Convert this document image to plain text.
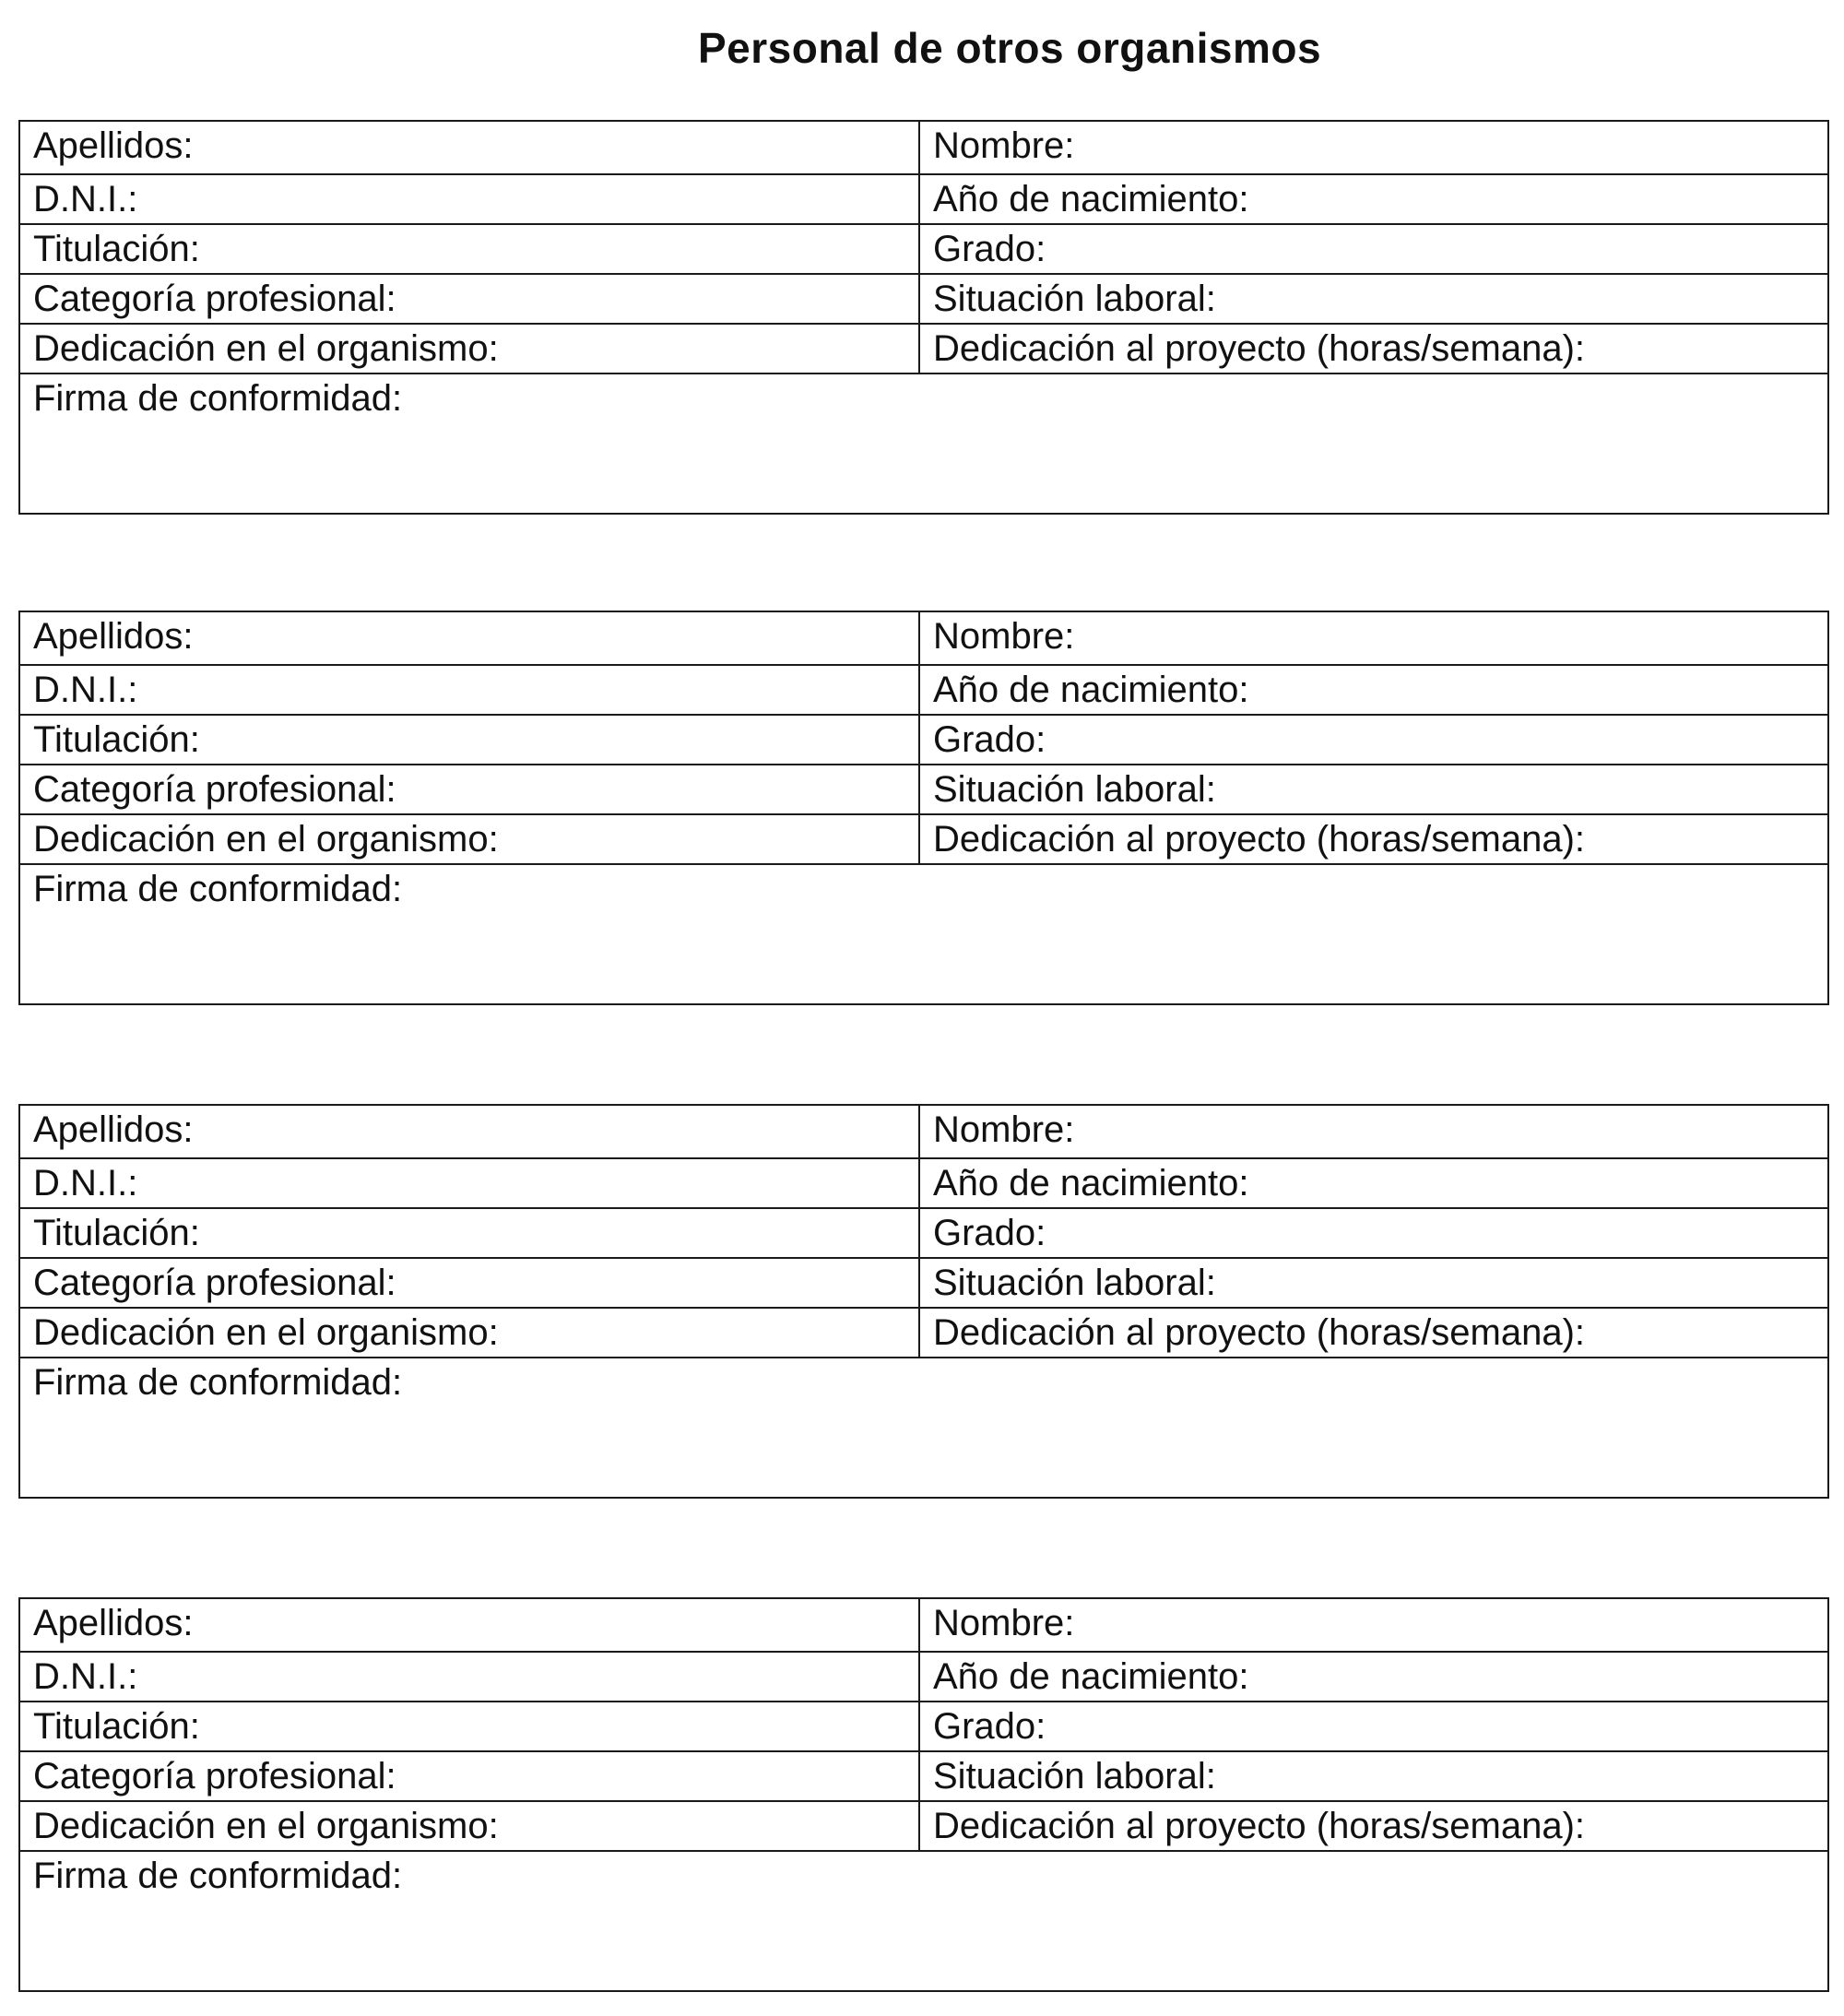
Personal de otros organismos
Apellidos:	Nombre:
D.N.I.:	Año de nacimiento:
Titulación:	Grado:
Categoría profesional:	Situación laboral:
Dedicación en el organismo:	Dedicación al proyecto (horas/semana):
Firma de conformidad:
Apellidos:	Nombre:
D.N.I.:	Año de nacimiento:
Titulación:	Grado:
Categoría profesional:	Situación laboral:
Dedicación en el organismo:	Dedicación al proyecto (horas/semana):
Firma de conformidad:
Apellidos:	Nombre:
D.N.I.:	Año de nacimiento:
Titulación:	Grado:
Categoría profesional:	Situación laboral:
Dedicación en el organismo:	Dedicación al proyecto (horas/semana):
Firma de conformidad:
Apellidos:	Nombre:
D.N.I.:	Año de nacimiento:
Titulación:	Grado:
Categoría profesional:	Situación laboral:
Dedicación en el organismo:	Dedicación al proyecto (horas/semana):
Firma de conformidad:
